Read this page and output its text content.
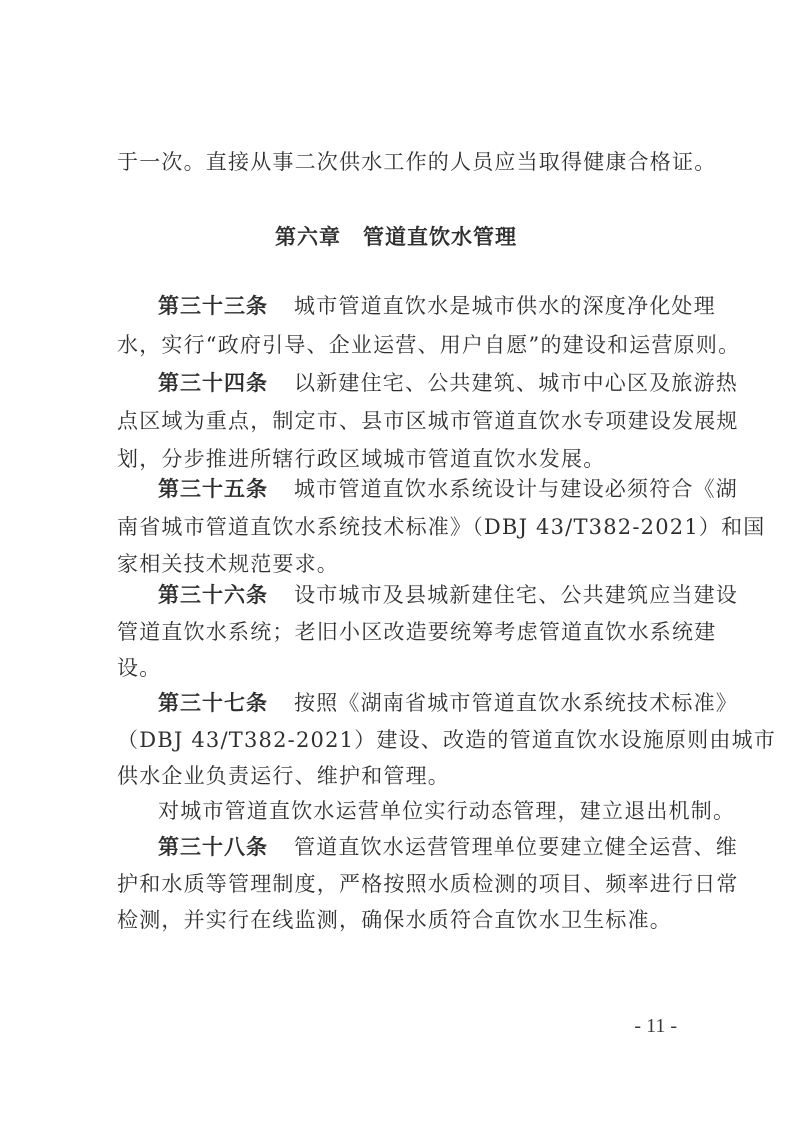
于一次。直接从事二次供水工作的人员应当取得健康合格证。
第六章 管道直饮水管理
第三十三条 城市管道直饮水是城市供水的深度净化处理
水，实行“政府引导、企业运营、用户自愿”的建设和运营原则。
第三十四条 以新建住宅、公共建筑、城市中心区及旅游热
点区域为重点，制定市、县市区城市管道直饮水专项建设发展规
划，分步推进所辖行政区域城市管道直饮水发展。
第三十五条 城市管道直饮水系统设计与建设必须符合《湖
南省城市管道直饮水系统技术标准》（DBJ 43/T382-2021）和国
家相关技术规范要求。
第三十六条 设市城市及县城新建住宅、公共建筑应当建设
管道直饮水系统；老旧小区改造要统筹考虑管道直饮水系统建
设。
第三十七条 按照《湖南省城市管道直饮水系统技术标准》
（DBJ 43/T382-2021）建设、改造的管道直饮水设施原则由城市
供水企业负责运行、维护和管理。
对城市管道直饮水运营单位实行动态管理，建立退出机制。
第三十八条 管道直饮水运营管理单位要建立健全运营、维
护和水质等管理制度，严格按照水质检测的项目、频率进行日常
检测，并实行在线监测，确保水质符合直饮水卫生标准。
- 11 -
